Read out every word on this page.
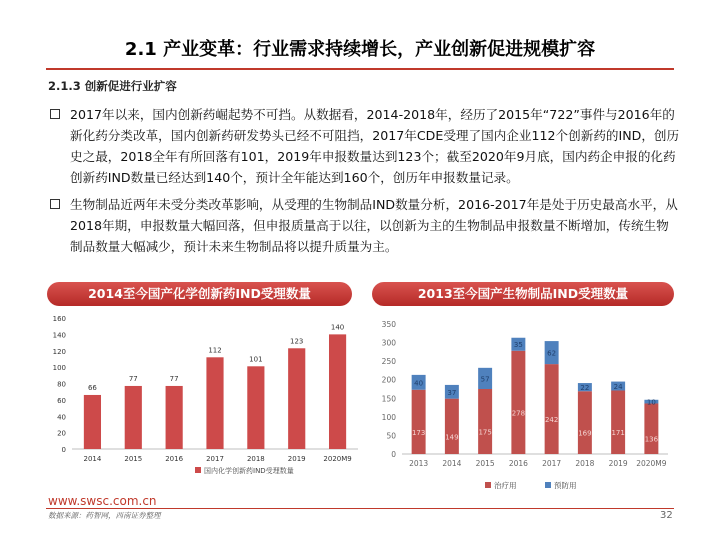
2.1 产业变革：行业需求持续增长，产业创新促进规模扩容
2.1.3 创新促进行业扩容
2017年以来，国内创新药崛起势不可挡。从数据看，2014-2018年，经历了2015年“722”事件与2016年的新化药分类改革，国内创新药研发势头已经不可阻挡，2017年CDE受理了国内企业112个创新药的IND，创历史之最，2018全年有所回落有101，2019年申报数量达到123个；截至2020年9月底，国内药企申报的化药创新药IND数量已经达到140个，预计全年能达到160个，创历年申报数量记录。
生物制品近两年未受分类改革影响，从受理的生物制品IND数量分析，2016-2017年是处于历史最高水平，从2018年期，申报数量大幅回落，但申报质量高于以往，以创新为主的生物制品申报数量不断增加，传统生物制品数量大幅减少，预计未来生物制品将以提升质量为主。
2014至今国产化学创新药IND受理数量	2013至今国产生物制品IND受理数量
0
20
40
60
80
100
120
140
160
2014
66
2015
77
2016
77
2017
112
2018
101
2019
123
2020M9
140
国内化学创新药IND受理数量
0
50
100
150
200
250
300
350
2013
173
40
2014
149
37
2015
175
57
2016
278
35
2017
242
62
2018
169
22
2019
171
24
2020M9
136
10
治疗用	预防用
www.swsc.com.cn
数据来源：药智网，西南证券整理	32
